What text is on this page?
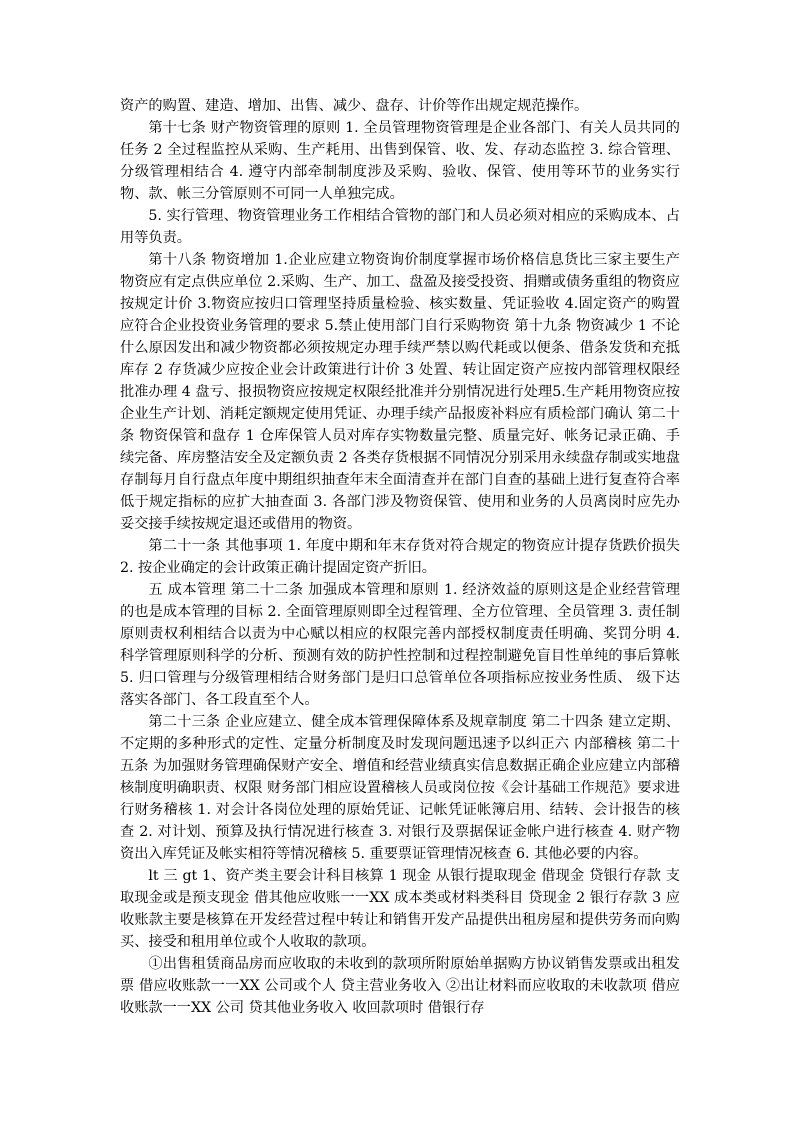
资产的购置、建造、增加、出售、减少、盘存、计价等作出规定规范操作。

第十七条 财产物资管理的原则 1. 全员管理物资管理是企业各部门、有关人员共同的任务 2 全过程监控从采购、生产耗用、出售到保管、收、发、存动态监控 3. 综合管理、分级管理相结合 4. 遵守内部牵制制度涉及采购、验收、保管、使用等环节的业务实行物、款、帐三分管原则不可同一人单独完成。

5. 实行管理、物资管理业务工作相结合管物的部门和人员必须对相应的采购成本、占用等负责。

第十八条 物资增加 1.企业应建立物资询价制度掌握市场价格信息货比三家主要生产物资应有定点供应单位 2.采购、生产、加工、盘盈及接受投资、捐赠或债务重组的物资应按规定计价 3.物资应按归口管理坚持质量检验、核实数量、凭证验收 4.固定资产的购置应符合企业投资业务管理的要求 5.禁止使用部门自行采购物资 第十九条 物资减少 1 不论什么原因发出和减少物资都必须按规定办理手续严禁以购代耗或以便条、借条发货和充抵库存 2 存货减少应按企业会计政策进行计价 3 处置、转让固定资产应按内部管理权限经批准办理 4 盘亏、报损物资应按规定权限经批准并分别情况进行处理5.生产耗用物资应按企业生产计划、消耗定额规定使用凭证、办理手续产品报废补料应有质检部门确认 第二十条 物资保管和盘存 1 仓库保管人员对库存实物数量完整、质量完好、帐务记录正确、手续完备、库房整洁安全及定额负责 2 各类存货根据不同情况分别采用永续盘存制或实地盘存制每月自行盘点年度中期组织抽查年末全面清查并在部门自查的基础上进行复查符合率低于规定指标的应扩大抽查面 3. 各部门涉及物资保管、使用和业务的人员离岗时应先办妥交接手续按规定退还或借用的物资。

第二十一条 其他事项 1. 年度中期和年末存货对符合规定的物资应计提存货跌价损失 2. 按企业确定的会计政策正确计提固定资产折旧。

五 成本管理 第二十二条 加强成本管理和原则 1. 经济效益的原则这是企业经营管理的也是成本管理的目标 2. 全面管理原则即全过程管理、全方位管理、全员管理 3. 责任制原则责权利相结合以责为中心赋以相应的权限完善内部授权制度责任明确、奖罚分明 4. 科学管理原则科学的分析、预测有效的防护性控制和过程控制避免盲目性单纯的事后算帐 5. 归口管理与分级管理相结合财务部门是归口总管单位各项指标应按业务性质、 级下达落实各部门、各工段直至个人。

第二十三条 企业应建立、健全成本管理保障体系及规章制度 第二十四条 建立定期、不定期的多种形式的定性、定量分析制度及时发现问题迅速予以纠正六 内部稽核 第二十五条 为加强财务管理确保财产安全、增值和经营业绩真实信息数据正确企业应建立内部稽核制度明确职责、权限 财务部门相应设置稽核人员或岗位按《会计基础工作规范》要求进行财务稽核 1. 对会计各岗位处理的原始凭证、记帐凭证帐簿启用、结转、会计报告的核查 2. 对计划、预算及执行情况进行核查 3. 对银行及票据保证金帐户进行核查 4. 财产物资出入库凭证及帐实相符等情况稽核 5. 重要票证管理情况核查 6. 其他必要的内容。

lt 三 gt 1、资产类主要会计科目核算 1 现金 从银行提取现金 借现金 贷银行存款 支取现金或是预支现金 借其他应收账一一XX 成本类或材料类科目 贷现金 2 银行存款 3 应收账款主要是核算在开发经营过程中转让和销售开发产品提供出租房屋和提供劳务而向购买、接受和租用单位或个人收取的款项。

①出售租赁商品房而应收取的未收到的款项所附原始单据购方协议销售发票或出租发票 借应收账款一一XX 公司或个人 贷主营业务收入 ②出让材料而应收取的未收款项 借应收账款一一XX 公司 贷其他业务收入 收回款项时 借银行存
